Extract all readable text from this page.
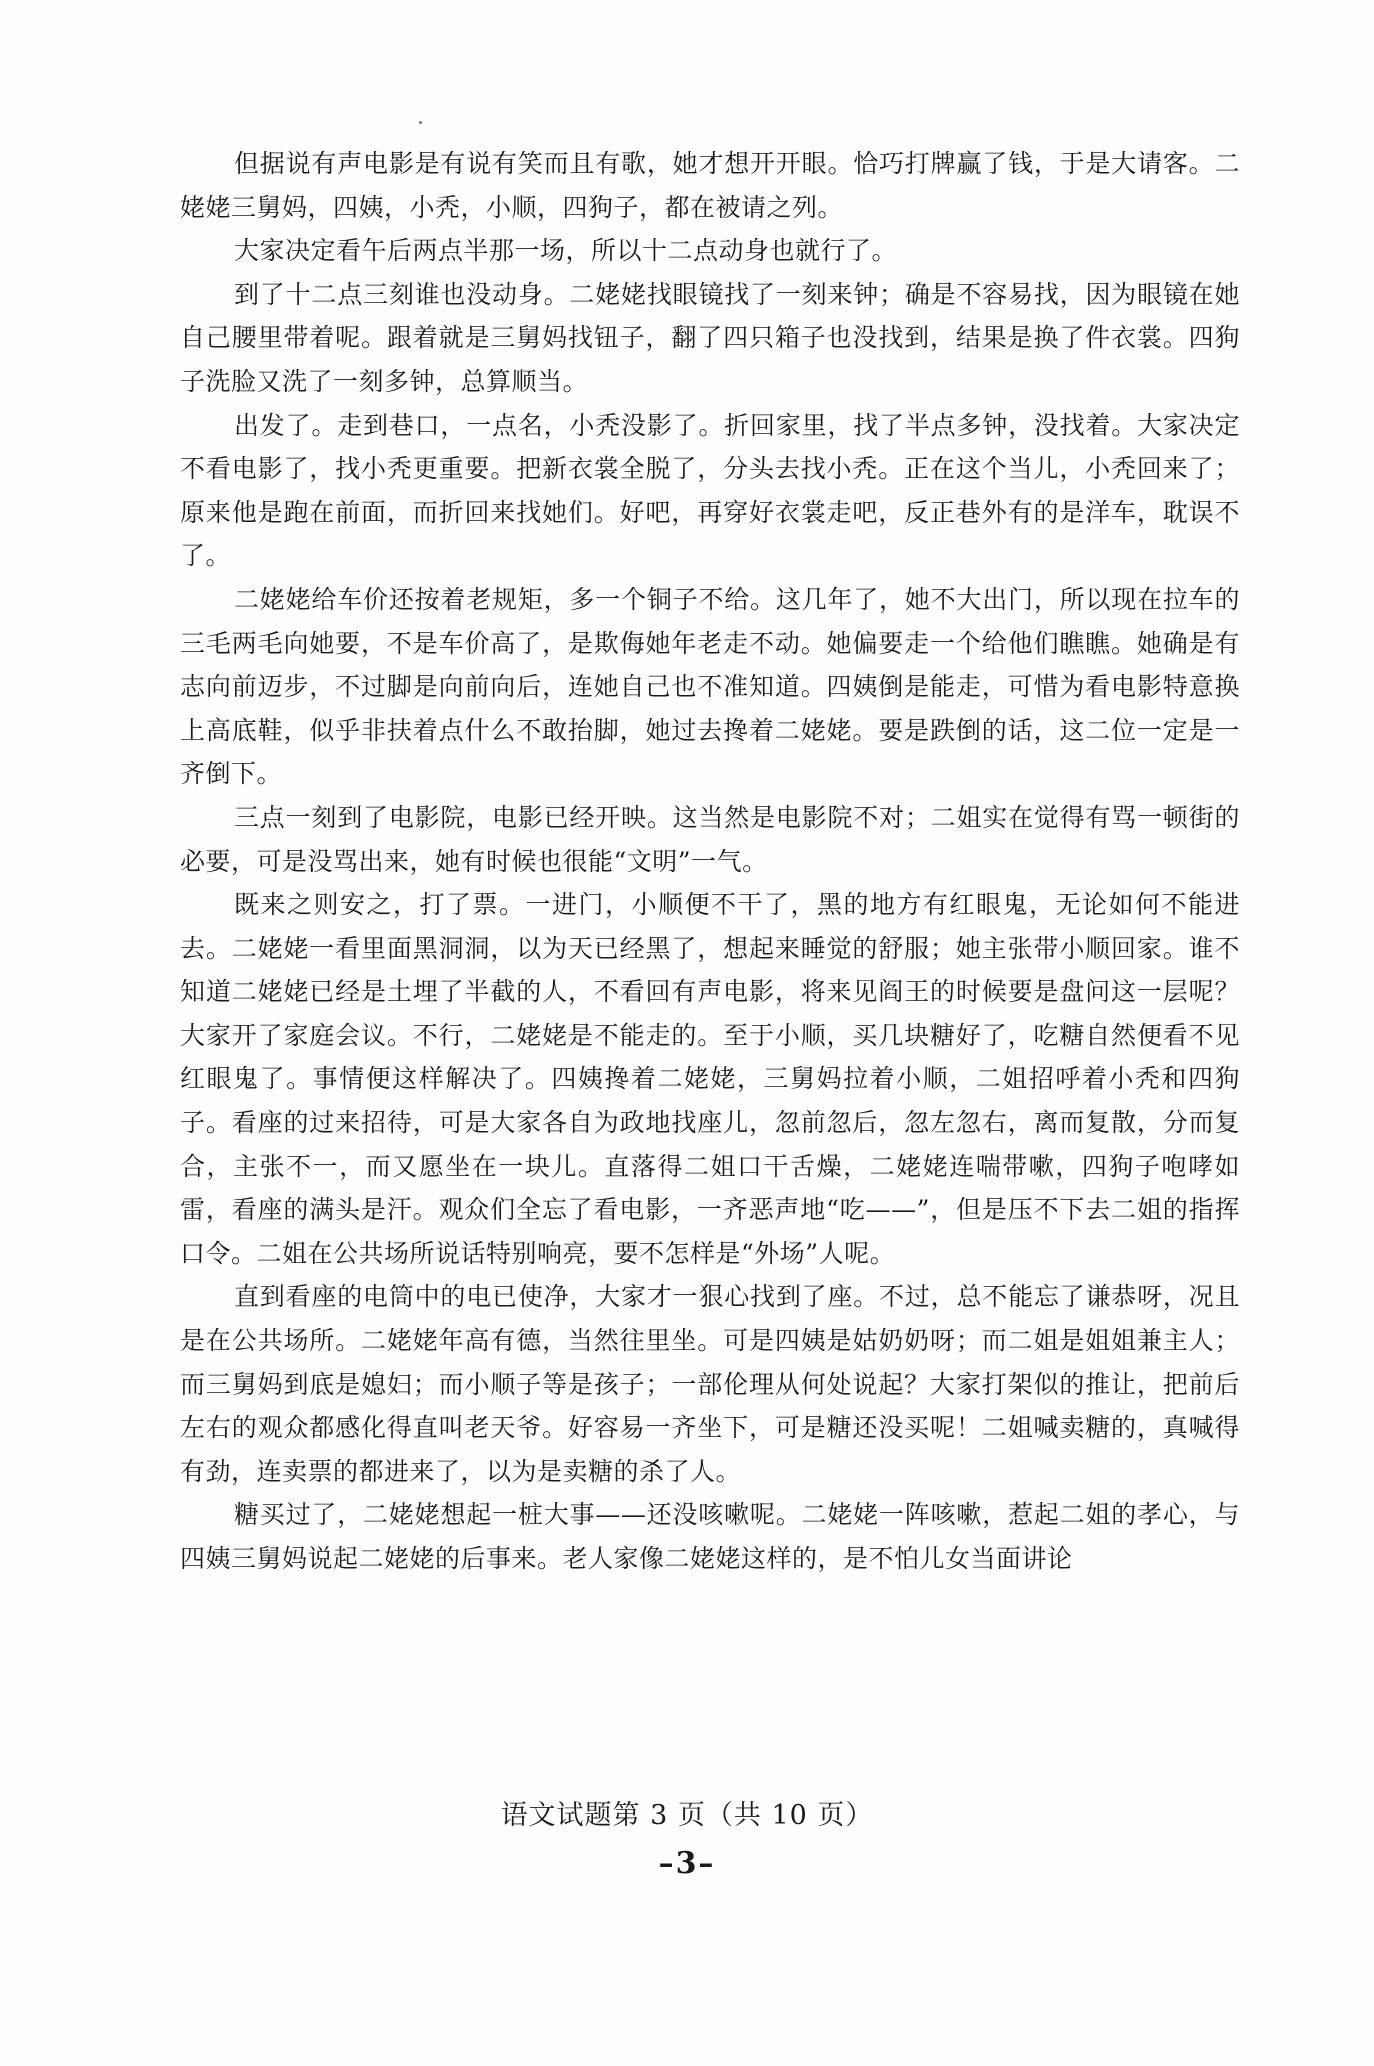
但据说有声电影是有说有笑而且有歌，她才想开开眼。恰巧打牌赢了钱，于是大请客。二姥姥三舅妈，四姨，小秃，小顺，四狗子，都在被请之列。

大家决定看午后两点半那一场，所以十二点动身也就行了。

到了十二点三刻谁也没动身。二姥姥找眼镜找了一刻来钟；确是不容易找，因为眼镜在她自己腰里带着呢。跟着就是三舅妈找钮子，翻了四只箱子也没找到，结果是换了件衣裳。四狗子洗脸又洗了一刻多钟，总算顺当。

出发了。走到巷口，一点名，小秃没影了。折回家里，找了半点多钟，没找着。大家决定不看电影了，找小秃更重要。把新衣裳全脱了，分头去找小秃。正在这个当儿，小秃回来了；原来他是跑在前面，而折回来找她们。好吧，再穿好衣裳走吧，反正巷外有的是洋车，耽误不了。

二姥姥给车价还按着老规矩，多一个铜子不给。这几年了，她不大出门，所以现在拉车的三毛两毛向她要，不是车价高了，是欺侮她年老走不动。她偏要走一个给他们瞧瞧。她确是有志向前迈步，不过脚是向前向后，连她自己也不准知道。四姨倒是能走，可惜为看电影特意换上高底鞋，似乎非扶着点什么不敢抬脚，她过去搀着二姥姥。要是跌倒的话，这二位一定是一齐倒下。

三点一刻到了电影院，电影已经开映。这当然是电影院不对；二姐实在觉得有骂一顿街的必要，可是没骂出来，她有时候也很能“文明”一气。

既来之则安之，打了票。一进门，小顺便不干了，黑的地方有红眼鬼，无论如何不能进去。二姥姥一看里面黑洞洞，以为天已经黑了，想起来睡觉的舒服；她主张带小顺回家。谁不知道二姥姥已经是土埋了半截的人，不看回有声电影，将来见阎王的时候要是盘问这一层呢？大家开了家庭会议。不行，二姥姥是不能走的。至于小顺，买几块糖好了，吃糖自然便看不见红眼鬼了。事情便这样解决了。四姨搀着二姥姥，三舅妈拉着小顺，二姐招呼着小秃和四狗子。看座的过来招待，可是大家各自为政地找座儿，忽前忽后，忽左忽右，离而复散，分而复合，主张不一，而又愿坐在一块儿。直落得二姐口干舌燥，二姥姥连喘带嗽，四狗子咆哮如雷，看座的满头是汗。观众们全忘了看电影，一齐恶声地“吃——”，但是压不下去二姐的指挥口令。二姐在公共场所说话特别响亮，要不怎样是“外场”人呢。

直到看座的电筒中的电已使净，大家才一狠心找到了座。不过，总不能忘了谦恭呀，况且是在公共场所。二姥姥年高有德，当然往里坐。可是四姨是姑奶奶呀；而二姐是姐姐兼主人；而三舅妈到底是媳妇；而小顺子等是孩子；一部伦理从何处说起？大家打架似的推让，把前后左右的观众都感化得直叫老天爷。好容易一齐坐下，可是糖还没买呢！二姐喊卖糖的，真喊得有劲，连卖票的都进来了，以为是卖糖的杀了人。

糖买过了，二姥姥想起一桩大事——还没咳嗽呢。二姥姥一阵咳嗽，惹起二姐的孝心，与四姨三舅妈说起二姥姥的后事来。老人家像二姥姥这样的，是不怕儿女当面讲论

语文试题第 3 页（共 10 页）
–3–
